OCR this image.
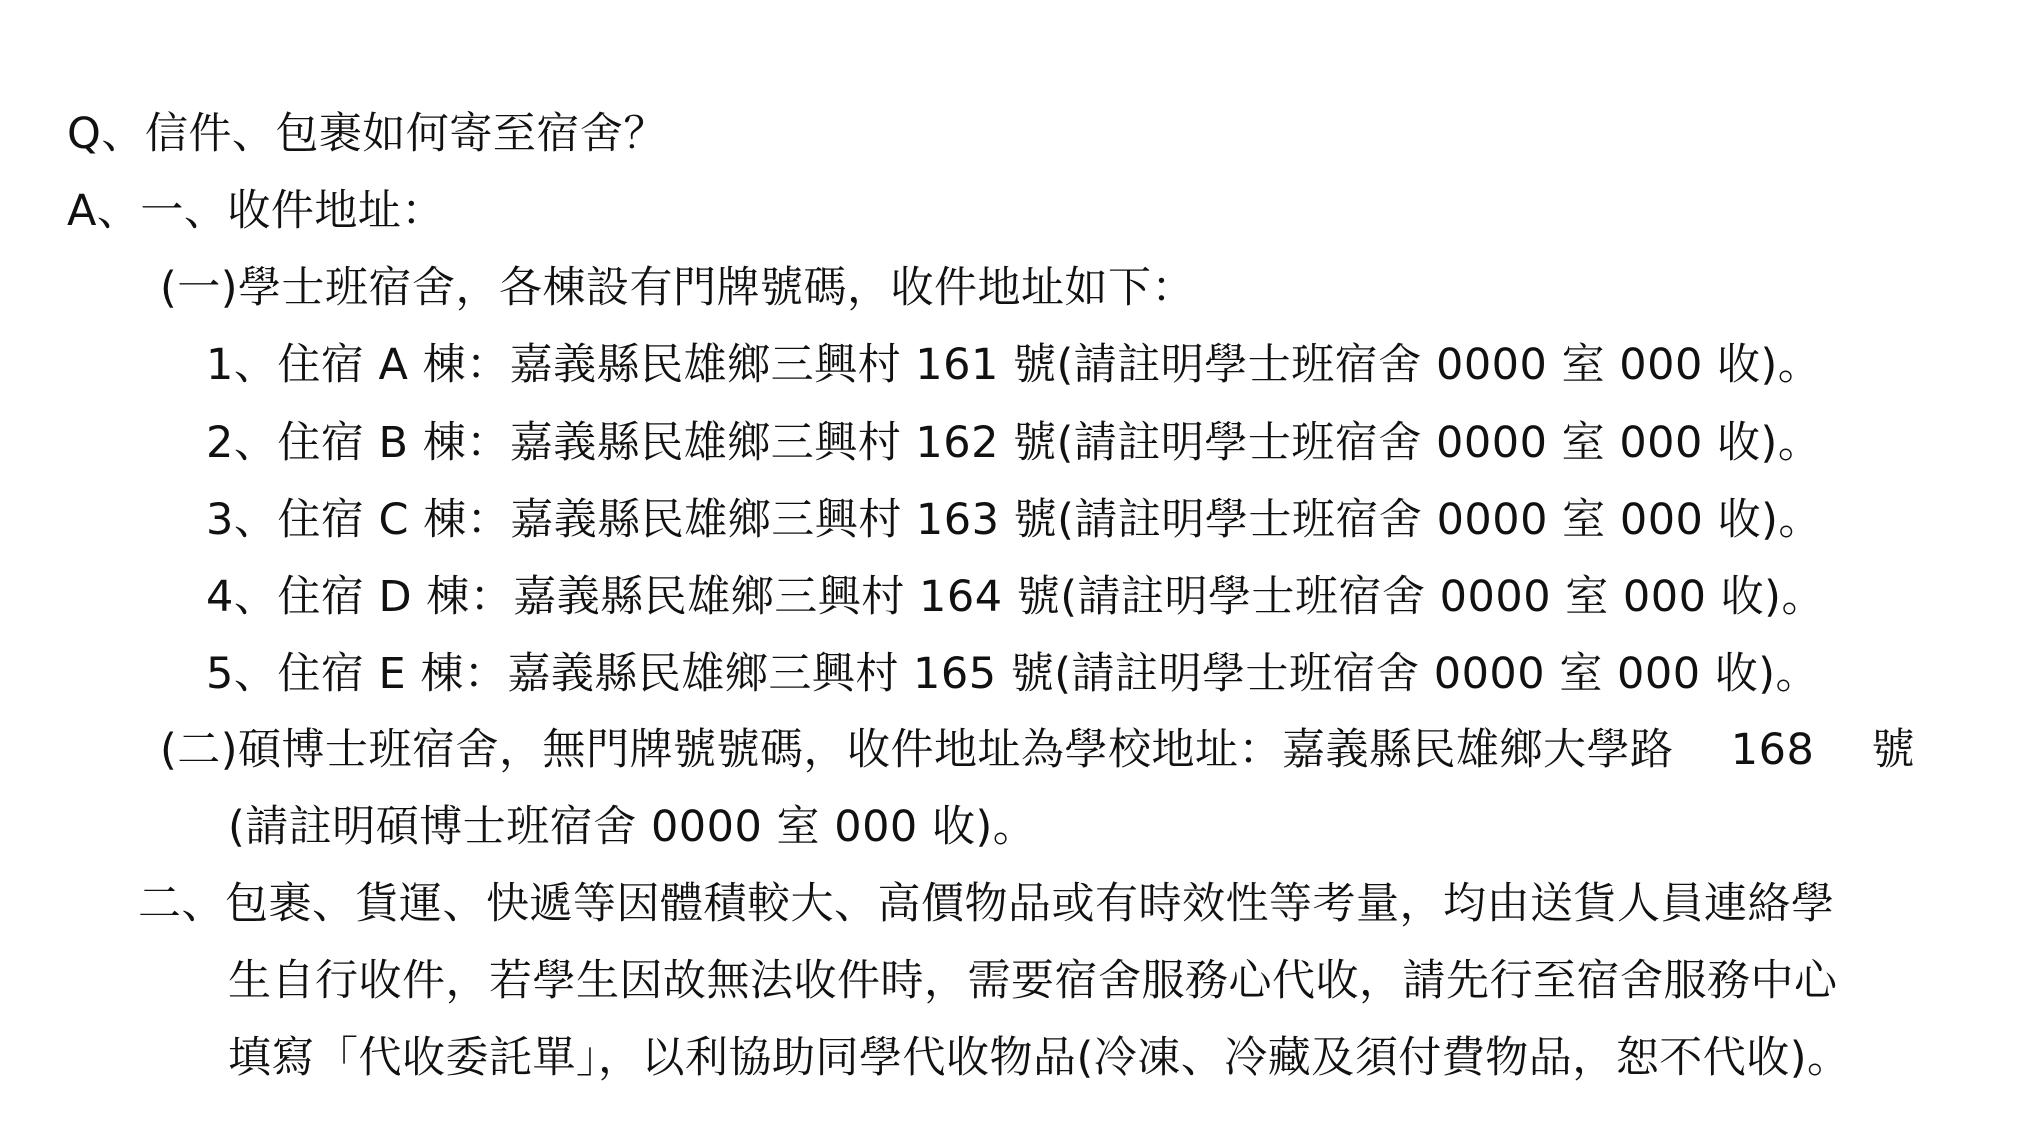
Q、信件、包裹如何寄至宿舍？
A、一、收件地址：
(一)學士班宿舍，各棟設有門牌號碼，收件地址如下：
1、住宿 A 棟：嘉義縣民雄鄉三興村 161 號(請註明學士班宿舍 0000 室 000 收)。
2、住宿 B 棟：嘉義縣民雄鄉三興村 162 號(請註明學士班宿舍 0000 室 000 收)。
3、住宿 C 棟：嘉義縣民雄鄉三興村 163 號(請註明學士班宿舍 0000 室 000 收)。
4、住宿 D 棟：嘉義縣民雄鄉三興村 164 號(請註明學士班宿舍 0000 室 000 收)。
5、住宿 E 棟：嘉義縣民雄鄉三興村 165 號(請註明學士班宿舍 0000 室 000 收)。
(二)碩博士班宿舍，無門牌號號碼，收件地址為學校地址：嘉義縣民雄鄉大學路 168 號
(請註明碩博士班宿舍 0000 室 000 收)。
二、包裹、貨運、快遞等因體積較大、高價物品或有時效性等考量，均由送貨人員連絡學
生自行收件，若學生因故無法收件時，需要宿舍服務心代收，請先行至宿舍服務中心
填寫「代收委託單」，以利協助同學代收物品(冷凍、冷藏及須付費物品，恕不代收)。
